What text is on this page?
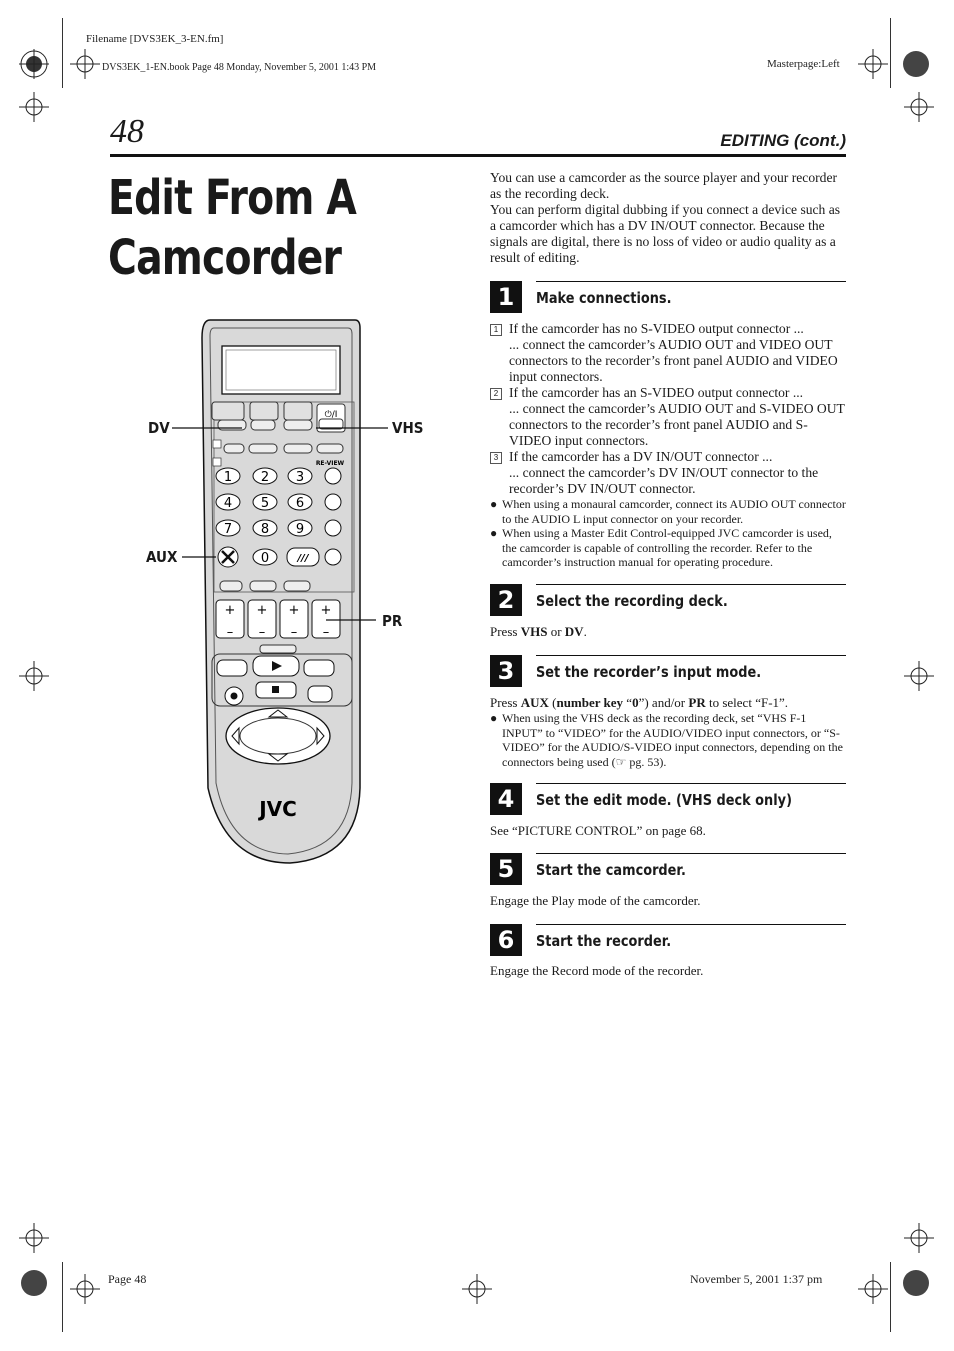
Filename [DVS3EK_3-EN.fm]
DVS3EK_1-EN.book Page 48 Monday, November 5, 2001 1:43 PM	Masterpage:Left
48	EDITING (cont.)
Edit From A
Camcorder
⏻/I
RE-VIEW
1 2 3
4 5 6
7 8 9
0	///
+
–
+
–
+
–
+
–
JVC
DV	VHS
AUX
PR
You can use a camcorder as the source player and your recorder as the recording deck.
You can perform digital dubbing if you connect a device such as a camcorder which has a DV IN/OUT connector. Because the signals are digital, there is no loss of video or audio quality as a result of editing.
1	Make connections.
1 If the camcorder has no S-VIDEO output connector ...
... connect the camcorder’s AUDIO OUT and VIDEO OUT connectors to the recorder’s front panel AUDIO and VIDEO input connectors.
2 If the camcorder has an S-VIDEO output connector ...
... connect the camcorder’s AUDIO OUT and S-VIDEO OUT connectors to the recorder’s front panel AUDIO and S-VIDEO input connectors.
3 If the camcorder has a DV IN/OUT connector ...
... connect the camcorder’s DV IN/OUT connector to the recorder’s DV IN/OUT connector.
● When using a monaural camcorder, connect its AUDIO OUT connector to the AUDIO L input connector on your recorder.
● When using a Master Edit Control-equipped JVC camcorder is used, the camcorder is capable of controlling the recorder. Refer to the camcorder’s instruction manual for operating procedure.
2	Select the recording deck.
Press VHS or DV.
3	Set the recorder’s input mode.
Press AUX (number key “0”) and/or PR to select “F-1”.
● When using the VHS deck as the recording deck, set “VHS F-1 INPUT” to “VIDEO” for the AUDIO/VIDEO input connectors, or “S-VIDEO” for the AUDIO/S-VIDEO input connectors, depending on the connectors being used (☞ pg. 53).
4	Set the edit mode. (VHS deck only)
See “PICTURE CONTROL” on page 68.
5	Start the camcorder.
Engage the Play mode of the camcorder.
6	Start the recorder.
Engage the Record mode of the recorder.
Page 48	November 5, 2001 1:37 pm
